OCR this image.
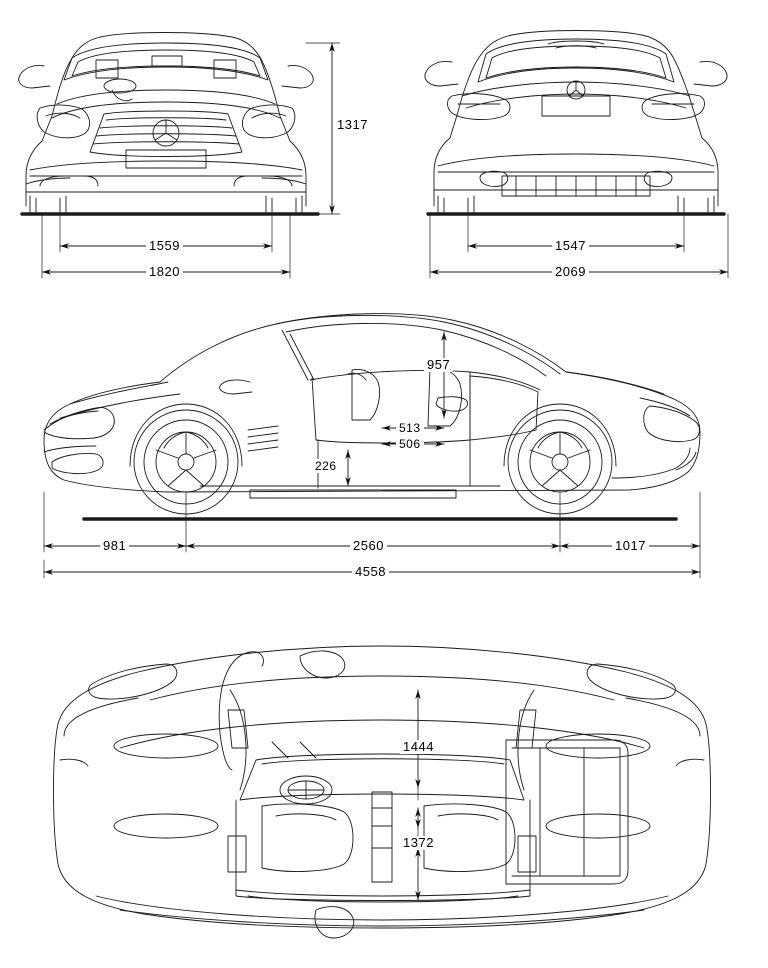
1317
1559
1820
1547
2069
957
513
506
226
981	2560	1017
4558
1444
1372
